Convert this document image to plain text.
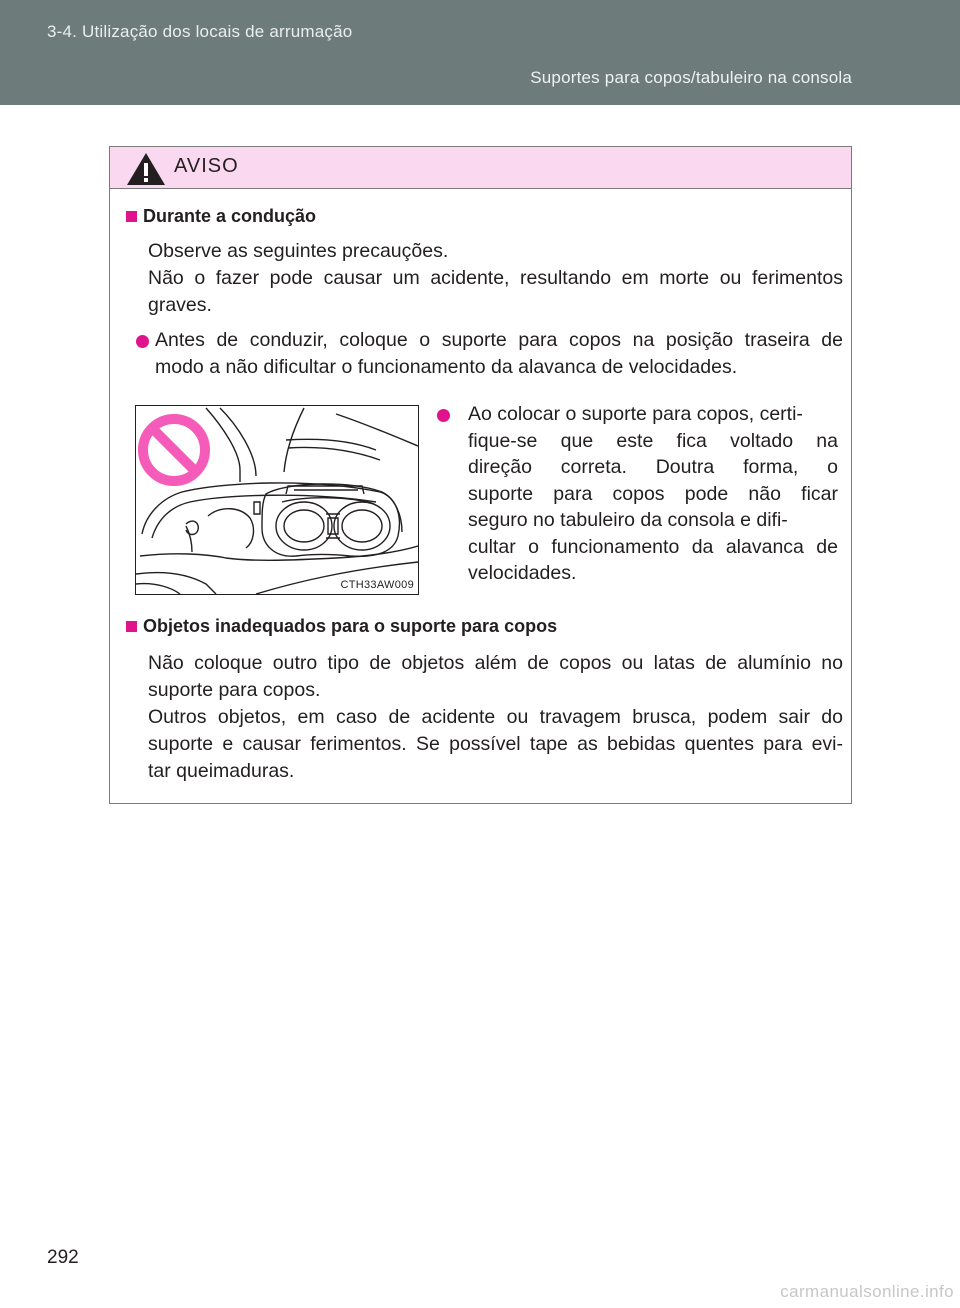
3-4. Utilização dos locais de arrumação
Suportes para copos/tabuleiro na consola
AVISO
Durante a condução
Observe as seguintes precauções.
Não o fazer pode causar um acidente, resultando em morte ou ferimentos
graves.
Antes de conduzir, coloque o suporte para copos na posição traseira de
modo a não dificultar o funcionamento da alavanca de velocidades.
CTH33AW009
Ao colocar o suporte para copos, certi-
fique-se que este fica voltado na
direção correta. Doutra forma, o
suporte para copos pode não ficar
seguro no tabuleiro da consola e difi-
cultar o funcionamento da alavanca de
velocidades.
Objetos inadequados para o suporte para copos
Não coloque outro tipo de objetos além de copos ou latas de alumínio no
suporte para copos.
Outros objetos, em caso de acidente ou travagem brusca, podem sair do
suporte e causar ferimentos. Se possível tape as bebidas quentes para evi-
tar queimaduras.
292
carmanualsonline.info
